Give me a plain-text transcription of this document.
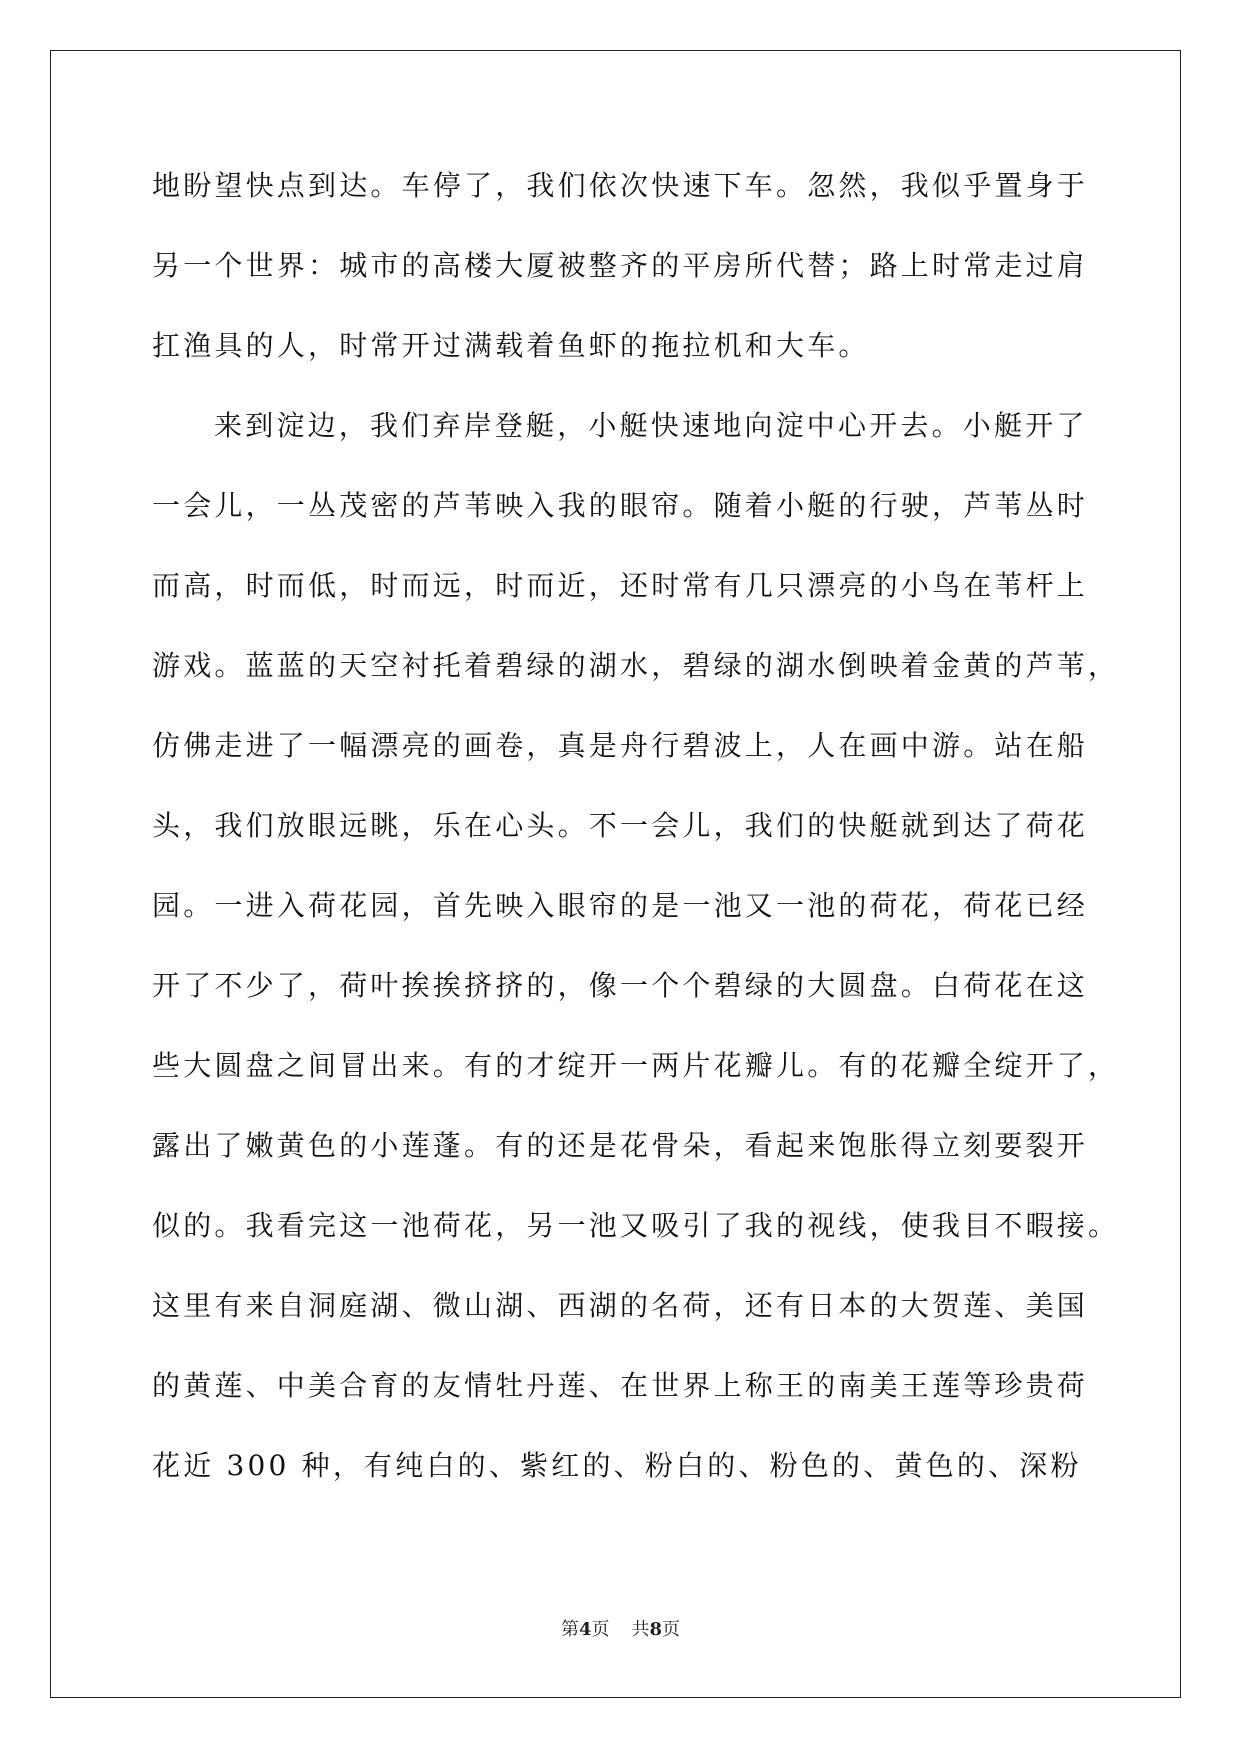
地盼望快点到达。车停了，我们依次快速下车。忽然，我似乎置身于
另一个世界：城市的高楼大厦被整齐的平房所代替；路上时常走过肩
扛渔具的人，时常开过满载着鱼虾的拖拉机和大车。
来到淀边，我们弃岸登艇，小艇快速地向淀中心开去。小艇开了
一会儿，一丛茂密的芦苇映入我的眼帘。随着小艇的行驶，芦苇丛时
而高，时而低，时而远，时而近，还时常有几只漂亮的小鸟在苇杆上
游戏。蓝蓝的天空衬托着碧绿的湖水，碧绿的湖水倒映着金黄的芦苇，
仿佛走进了一幅漂亮的画卷，真是舟行碧波上，人在画中游。站在船
头，我们放眼远眺，乐在心头。不一会儿，我们的快艇就到达了荷花
园。一进入荷花园，首先映入眼帘的是一池又一池的荷花，荷花已经
开了不少了，荷叶挨挨挤挤的，像一个个碧绿的大圆盘。白荷花在这
些大圆盘之间冒出来。有的才绽开一两片花瓣儿。有的花瓣全绽开了，
露出了嫩黄色的小莲蓬。有的还是花骨朵，看起来饱胀得立刻要裂开
似的。我看完这一池荷花，另一池又吸引了我的视线，使我目不暇接。
这里有来自洞庭湖、微山湖、西湖的名荷，还有日本的大贺莲、美国
的黄莲、中美合育的友情牡丹莲、在世界上称王的南美王莲等珍贵荷
花近 300 种，有纯白的、紫红的、粉白的、粉色的、黄色的、深粉
第4页 共8页
